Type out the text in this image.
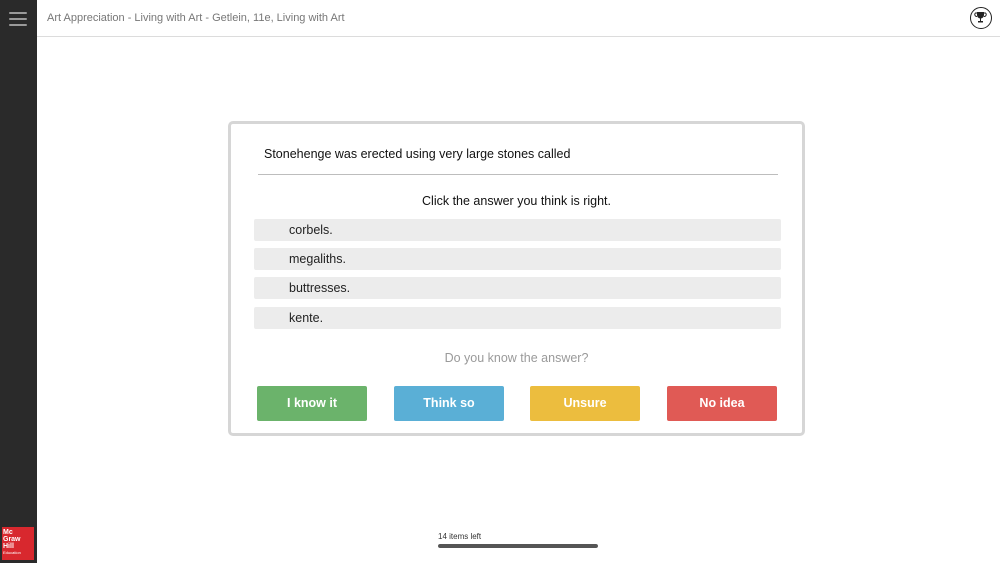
Mc
Graw
Hill
Education
Art Appreciation - Living with Art - Getlein, 11e, Living with Art
Stonehenge was erected using very large stones called
Click the answer you think is right.
corbels.
megaliths.
buttresses.
kente.
Do you know the answer?
I know it	Think so	Unsure	No idea
14 items left
